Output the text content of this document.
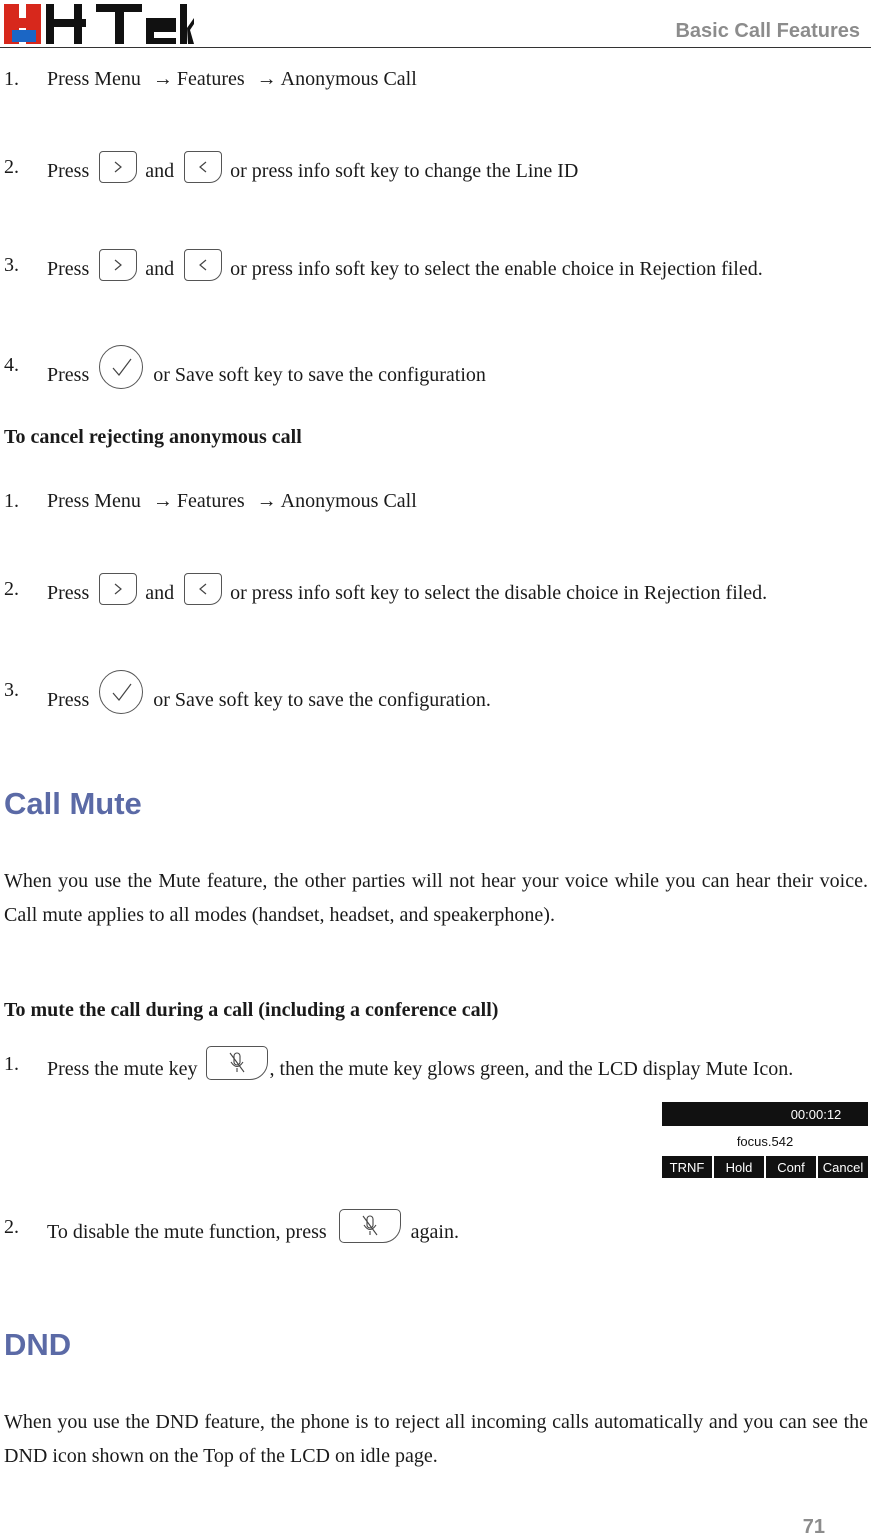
Basic Call Features
1. Press Menu → Features → Anonymous Call
2. Press	and	or press info soft key to change the Line ID
3. Press	and	or press info soft key to select the enable choice in Rejection filed.
4. Press	or Save soft key to save the configuration
To cancel rejecting anonymous call
1. Press Menu → Features → Anonymous Call
2. Press	and	or press info soft key to select the disable choice in Rejection filed.
3. Press	or Save soft key to save the configuration.
Call Mute
When you use the Mute feature, the other parties will not hear your voice while you can hear their voice. Call mute applies to all modes (handset, headset, and speakerphone).
To mute the call during a call (including a conference call)
1. Press the mute key	, then the mute key glows green, and the LCD display Mute Icon.
00:00:12
focus.542
TRNF Hold Conf Cancel
2. To disable the mute function, press	again.
DND
When you use the DND feature, the phone is to reject all incoming calls automatically and you can see the DND icon shown on the Top of the LCD on idle page.
71
